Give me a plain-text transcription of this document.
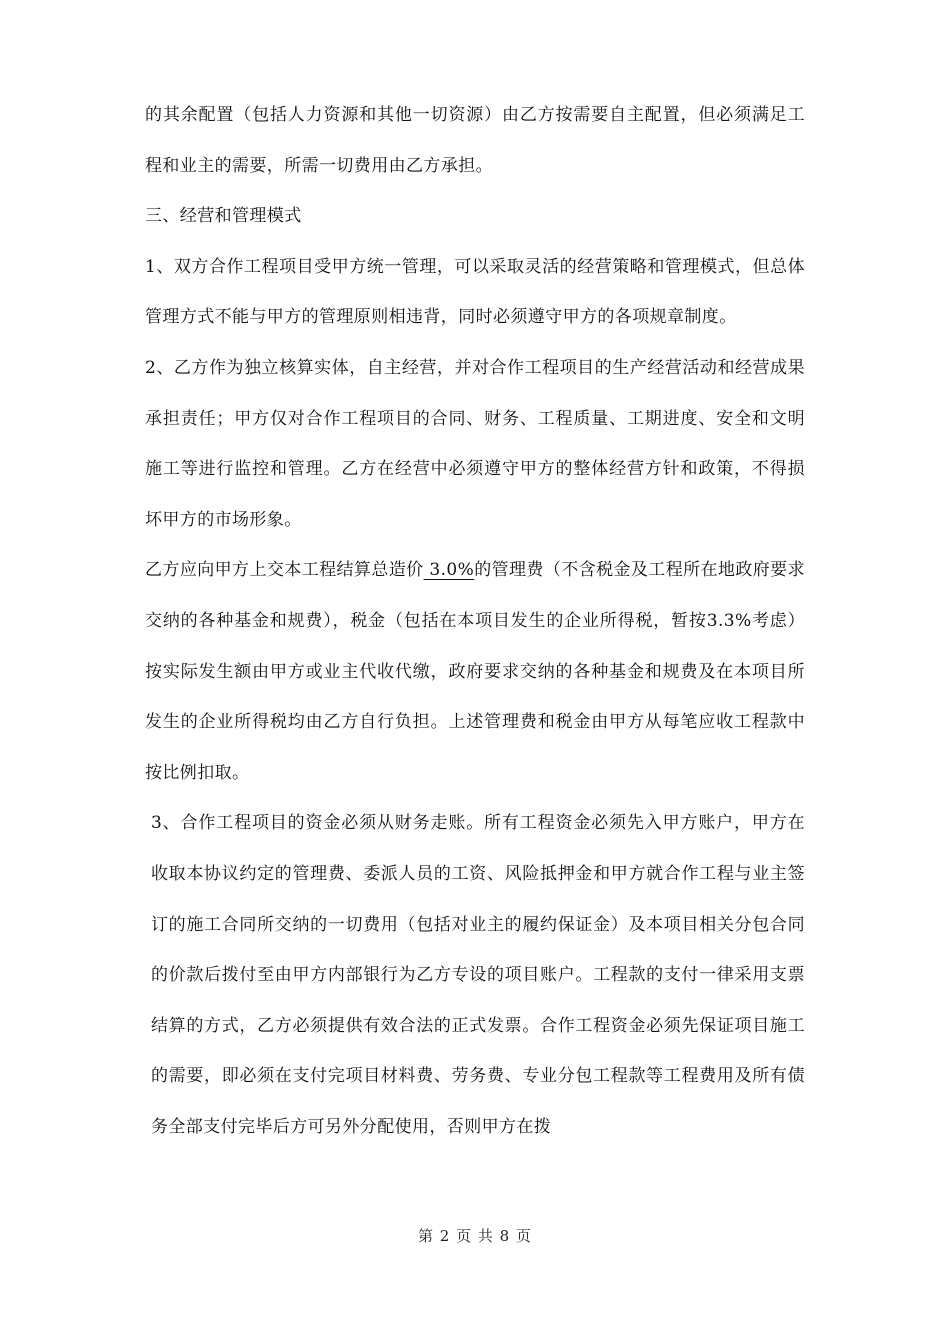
的其余配置（包括人力资源和其他一切资源）由乙方按需要自主配置，但必须满足工程和业主的需要，所需一切费用由乙方承担。

三、经营和管理模式

1、双方合作工程项目受甲方统一管理，可以采取灵活的经营策略和管理模式，但总体管理方式不能与甲方的管理原则相违背，同时必须遵守甲方的各项规章制度。

2、乙方作为独立核算实体，自主经营，并对合作工程项目的生产经营活动和经营成果承担责任；甲方仅对合作工程项目的合同、财务、工程质量、工期进度、安全和文明施工等进行监控和管理。乙方在经营中必须遵守甲方的整体经营方针和政策，不得损坏甲方的市场形象。

乙方应向甲方上交本工程结算总造价 3.0%的管理费（不含税金及工程所在地政府要求交纳的各种基金和规费），税金（包括在本项目发生的企业所得税，暂按3.3%考虑）按实际发生额由甲方或业主代收代缴，政府要求交纳的各种基金和规费及在本项目所发生的企业所得税均由乙方自行负担。上述管理费和税金由甲方从每笔应收工程款中按比例扣取。

3、合作工程项目的资金必须从财务走账。所有工程资金必须先入甲方账户，甲方在收取本协议约定的管理费、委派人员的工资、风险抵押金和甲方就合作工程与业主签订的施工合同所交纳的一切费用（包括对业主的履约保证金）及本项目相关分包合同的价款后拨付至由甲方内部银行为乙方专设的项目账户。工程款的支付一律采用支票结算的方式，乙方必须提供有效合法的正式发票。合作工程资金必须先保证项目施工的需要，即必须在支付完项目材料费、劳务费、专业分包工程款等工程费用及所有债务全部支付完毕后方可另外分配使用，否则甲方在拨

第 2 页 共 8 页
